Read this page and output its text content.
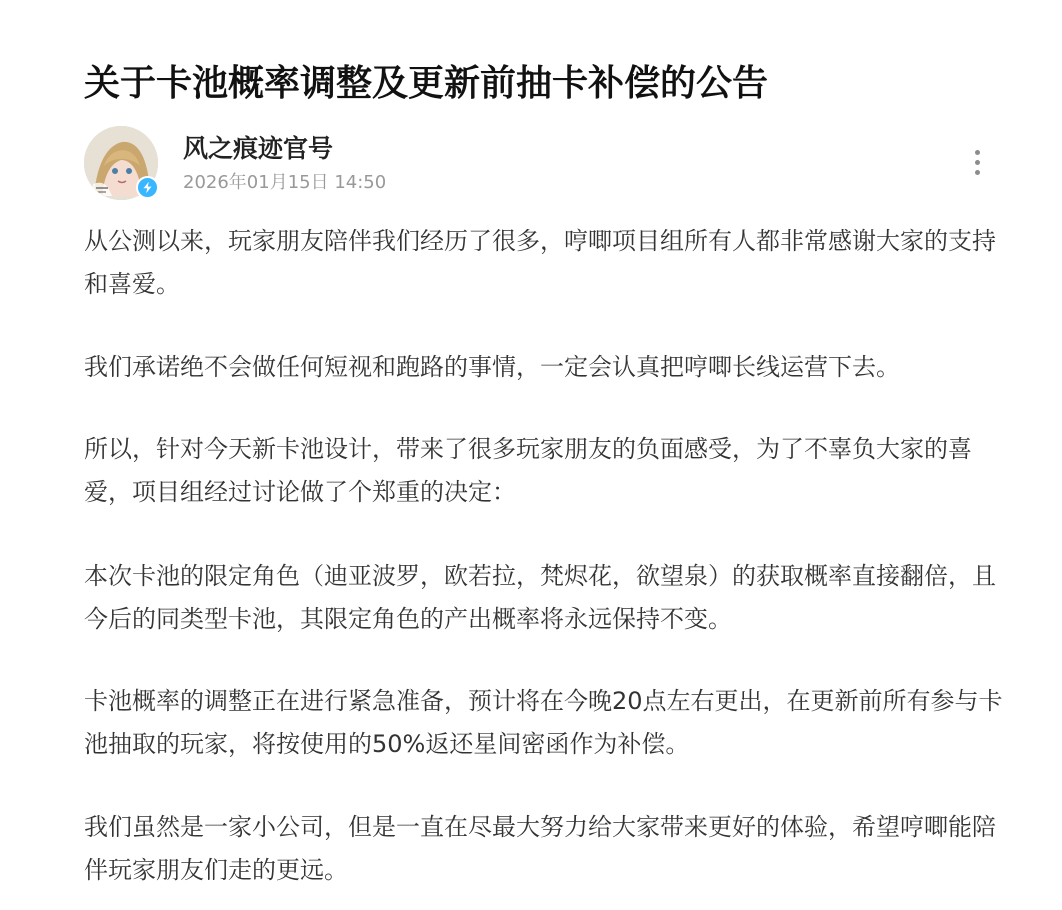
关于卡池概率调整及更新前抽卡补偿的公告
风之痕迹官号
2026年01月15日 14:50

从公测以来，玩家朋友陪伴我们经历了很多，哼唧项目组所有人都非常感谢大家的支持和喜爱。

我们承诺绝不会做任何短视和跑路的事情，一定会认真把哼唧长线运营下去。

所以，针对今天新卡池设计，带来了很多玩家朋友的负面感受，为了不辜负大家的喜爱，项目组经过讨论做了个郑重的决定：

本次卡池的限定角色（迪亚波罗，欧若拉，梵烬花，欲望泉）的获取概率直接翻倍，且今后的同类型卡池，其限定角色的产出概率将永远保持不变。

卡池概率的调整正在进行紧急准备，预计将在今晚20点左右更出，在更新前所有参与卡池抽取的玩家，将按使用的50%返还星间密函作为补偿。

我们虽然是一家小公司，但是一直在尽最大努力给大家带来更好的体验，希望哼唧能陪伴玩家朋友们走的更远。
